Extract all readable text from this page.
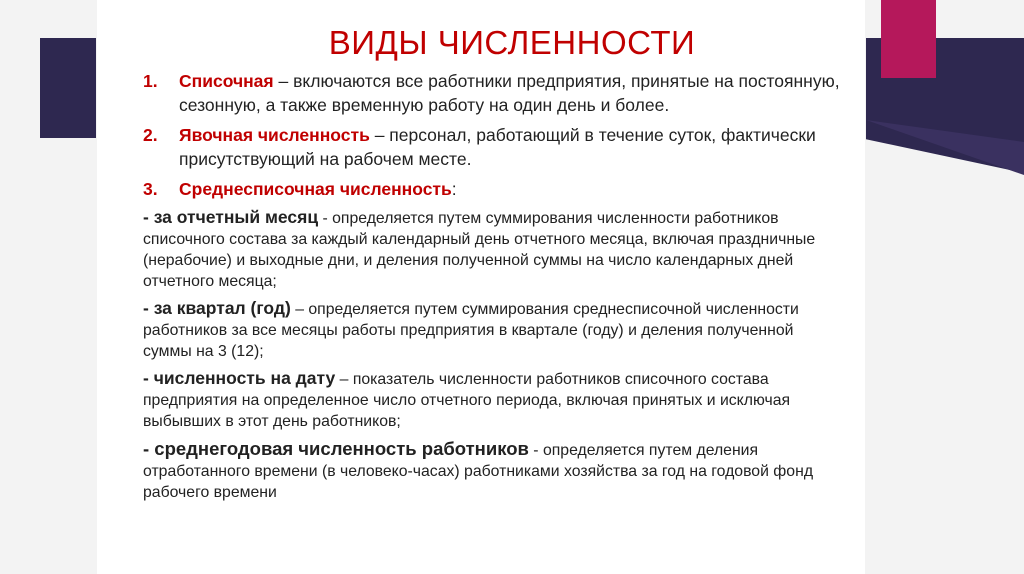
ВИДЫ ЧИСЛЕННОСТИ
1. Списочная – включаются все работники предприятия, принятые на постоянную, сезонную, а также временную работу на один день и более.
2. Явочная численность – персонал, работающий в течение суток, фактически присутствующий на рабочем месте.
3. Среднесписочная численность:
- за отчетный месяц - определяется путем суммирования численности работников списочного состава за каждый календарный день отчетного месяца, включая праздничные (нерабочие) и выходные дни, и деления полученной суммы на число календарных дней отчетного месяца;
- за квартал (год) – определяется путем суммирования среднесписочной численности работников за все месяцы работы предприятия в квартале (году) и деления полученной суммы на 3 (12);
- численность на дату – показатель численности работников списочного состава предприятия на определенное число отчетного периода, включая принятых и исключая выбывших в этот день работников;
- среднегодовая численность работников - определяется путем деления отработанного времени (в человеко-часах) работниками хозяйства за год на годовой фонд рабочего времени
